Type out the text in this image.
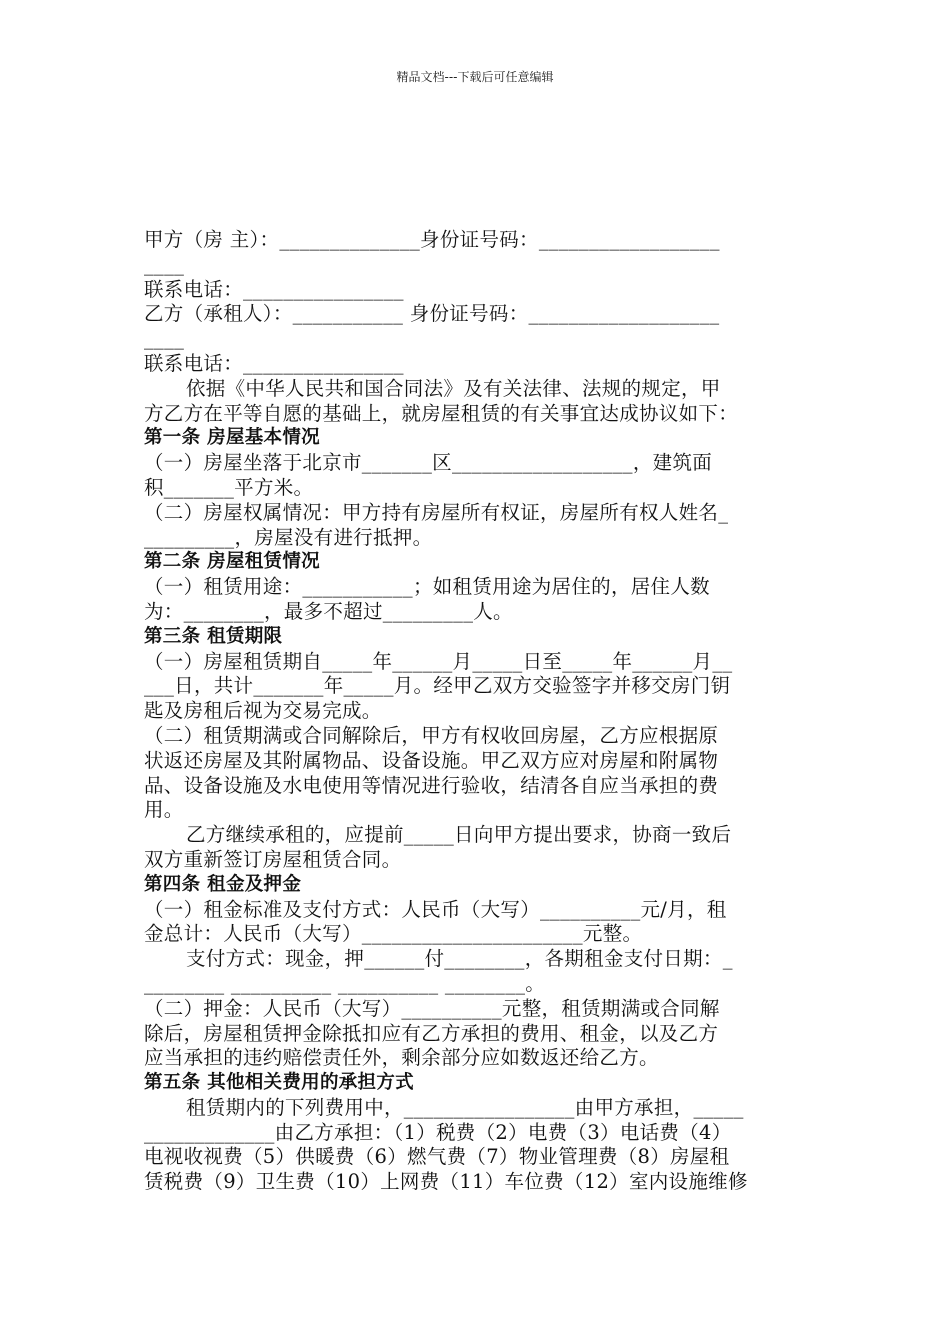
精品文档---下载后可任意编辑
甲方（房 主）：______________身份证号码：__________________
____
联系电话：________________
乙方（承租人）：___________ 身份证号码：___________________
____
联系电话：________________
依据《中华人民共和国合同法》及有关法律、法规的规定，甲
方乙方在平等自愿的基础上，就房屋租赁的有关事宜达成协议如下：
第一条 房屋基本情况
（一）房屋坐落于北京市_______区__________________，建筑面
积_______平方米。
（二）房屋权属情况：甲方持有房屋所有权证，房屋所有权人姓名_
_________，房屋没有进行抵押。
第二条 房屋租赁情况
（一）租赁用途：___________；如租赁用途为居住的，居住人数
为：________，最多不超过_________人。
第三条 租赁期限
（一）房屋租赁期自_____年______月_____日至_____年______月__
___日，共计_______年_____月。经甲乙双方交验签字并移交房门钥
匙及房租后视为交易完成。
（二）租赁期满或合同解除后，甲方有权收回房屋，乙方应根据原
状返还房屋及其附属物品、设备设施。甲乙双方应对房屋和附属物
品、设备设施及水电使用等情况进行验收，结清各自应当承担的费
用。
乙方继续承租的，应提前_____日向甲方提出要求，协商一致后
双方重新签订房屋租赁合同。
第四条 租金及押金
（一）租金标准及支付方式：人民币（大写）__________元/月，租
金总计：人民币（大写）______________________元整。
支付方式：现金，押______付________，各期租金支付日期：_
________ __________ __________ ________。
（二）押金：人民币（大写）__________元整，租赁期满或合同解
除后，房屋租赁押金除抵扣应有乙方承担的费用、租金，以及乙方
应当承担的违约赔偿责任外，剩余部分应如数返还给乙方。
第五条 其他相关费用的承担方式
租赁期内的下列费用中，_________________由甲方承担，_____
_____________由乙方承担：（1）税费（2）电费（3）电话费（4）
电视收视费（5）供暖费（6）燃气费（7）物业管理费（8）房屋租
赁税费（9）卫生费（10）上网费（11）车位费（12）室内设施维修
